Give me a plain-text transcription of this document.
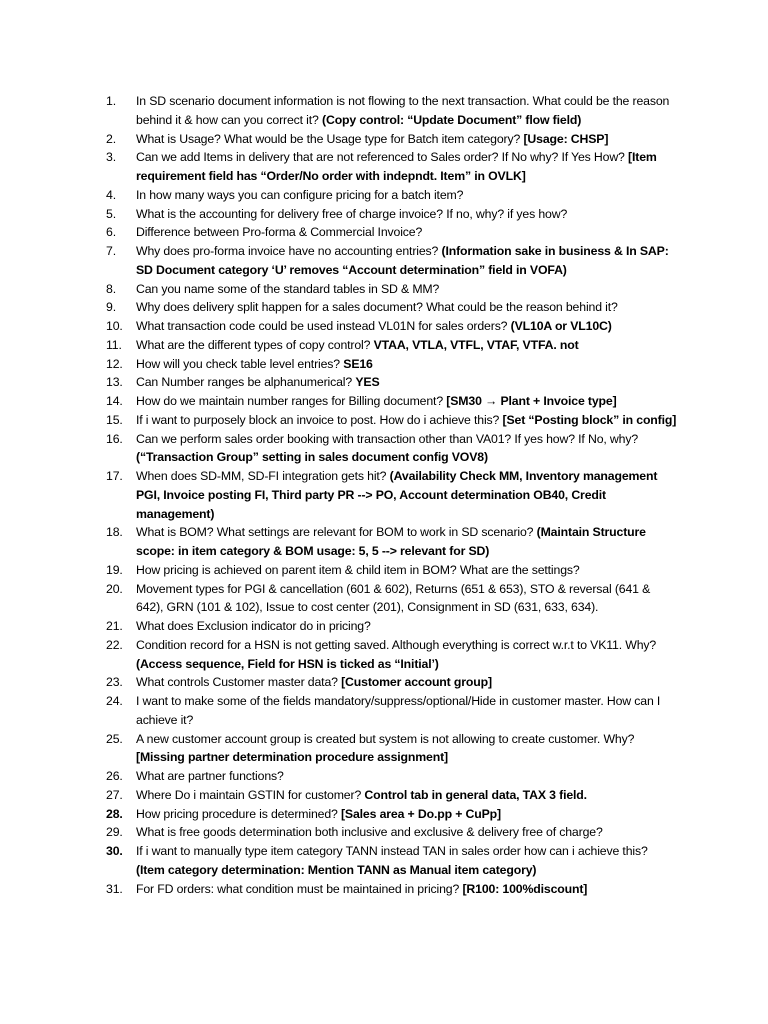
1.	In SD scenario document information is not flowing to the next transaction. What could be the reason behind it & how can you correct it? (Copy control: “Update Document” flow field)
2.	What is Usage? What would be the Usage type for Batch item category? [Usage: CHSP]
3.	Can we add Items in delivery that are not referenced to Sales order? If No why? If Yes How? [Item requirement field has “Order/No order with indepndt. Item” in OVLK]
4.	In how many ways you can configure pricing for a batch item?
5.	What is the accounting for delivery free of charge invoice? If no, why? if yes how?
6.	Difference between Pro-forma & Commercial Invoice?
7.	Why does pro-forma invoice have no accounting entries? (Information sake in business & In SAP: SD Document category ‘U’ removes “Account determination” field in VOFA)
8.	Can you name some of the standard tables in SD & MM?
9.	Why does delivery split happen for a sales document? What could be the reason behind it?
10.	What transaction code could be used instead VL01N for sales orders? (VL10A or VL10C)
11.	What are the different types of copy control? VTAA, VTLA, VTFL, VTAF, VTFA. not
12.	How will you check table level entries? SE16
13.	Can Number ranges be alphanumerical? YES
14.	How do we maintain number ranges for Billing document? [SM30 → Plant + Invoice type]
15.	If i want to purposely block an invoice to post. How do i achieve this? [Set “Posting block” in config]
16.	Can we perform sales order booking with transaction other than VA01? If yes how? If No, why? (“Transaction Group” setting in sales document config VOV8)
17.	When does SD-MM, SD-FI integration gets hit? (Availability Check MM, Inventory management PGI, Invoice posting FI, Third party PR --> PO, Account determination OB40, Credit management)
18.	What is BOM? What settings are relevant for BOM to work in SD scenario? (Maintain Structure scope: in item category & BOM usage: 5, 5 --> relevant for SD)
19.	How pricing is achieved on parent item & child item in BOM? What are the settings?
20.	Movement types for PGI & cancellation (601 & 602), Returns (651 & 653), STO & reversal (641 & 642), GRN (101 & 102), Issue to cost center (201), Consignment in SD (631, 633, 634).
21.	What does Exclusion indicator do in pricing?
22.	Condition record for a HSN is not getting saved. Although everything is correct w.r.t to VK11. Why? (Access sequence, Field for HSN is ticked as “Initial’)
23.	What controls Customer master data? [Customer account group]
24.	I want to make some of the fields mandatory/suppress/optional/Hide in customer master. How can I achieve it?
25.	A new customer account group is created but system is not allowing to create customer. Why? [Missing partner determination procedure assignment]
26.	What are partner functions?
27.	Where Do i maintain GSTIN for customer? Control tab in general data, TAX 3 field.
28.	How pricing procedure is determined? [Sales area + Do.pp + CuPp]
29.	What is free goods determination both inclusive and exclusive & delivery free of charge?
30.	If i want to manually type item category TANN instead TAN in sales order how can i achieve this? (Item category determination: Mention TANN as Manual item category)
31.	For FD orders: what condition must be maintained in pricing? [R100: 100%discount]
